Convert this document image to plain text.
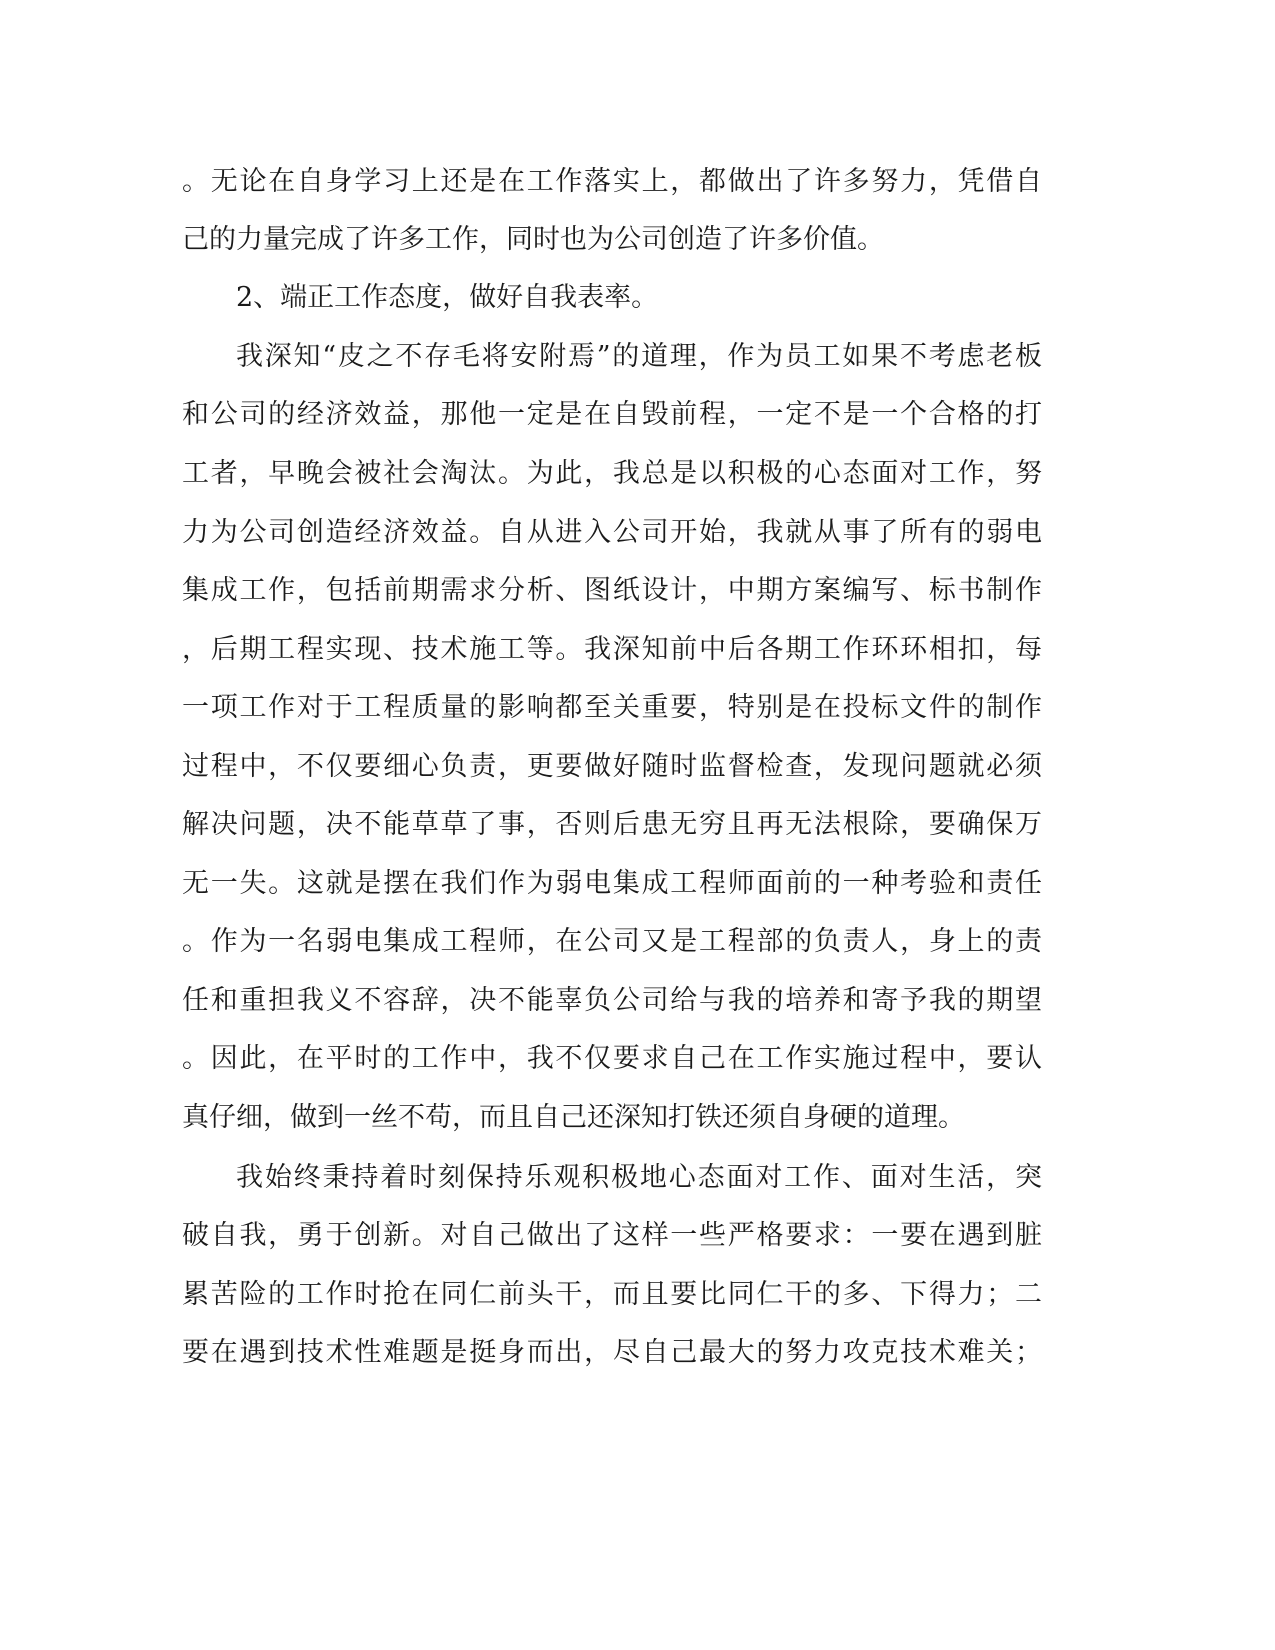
。无论在自身学习上还是在工作落实上，都做出了许多努力，凭借自

己的力量完成了许多工作，同时也为公司创造了许多价值。

2、端正工作态度，做好自我表率。

我深知“皮之不存毛将安附焉”的道理，作为员工如果不考虑老板

和公司的经济效益，那他一定是在自毁前程，一定不是一个合格的打

工者，早晚会被社会淘汰。为此，我总是以积极的心态面对工作，努

力为公司创造经济效益。自从进入公司开始，我就从事了所有的弱电

集成工作，包括前期需求分析、图纸设计，中期方案编写、标书制作

，后期工程实现、技术施工等。我深知前中后各期工作环环相扣，每

一项工作对于工程质量的影响都至关重要，特别是在投标文件的制作

过程中，不仅要细心负责，更要做好随时监督检查，发现问题就必须

解决问题，决不能草草了事，否则后患无穷且再无法根除，要确保万

无一失。这就是摆在我们作为弱电集成工程师面前的一种考验和责任

。作为一名弱电集成工程师，在公司又是工程部的负责人，身上的责

任和重担我义不容辞，决不能辜负公司给与我的培养和寄予我的期望

。因此，在平时的工作中，我不仅要求自己在工作实施过程中，要认

真仔细，做到一丝不苟，而且自己还深知打铁还须自身硬的道理。

我始终秉持着时刻保持乐观积极地心态面对工作、面对生活，突

破自我，勇于创新。对自己做出了这样一些严格要求：一要在遇到脏

累苦险的工作时抢在同仁前头干，而且要比同仁干的多、下得力；二

要在遇到技术性难题是挺身而出，尽自己最大的努力攻克技术难关；
